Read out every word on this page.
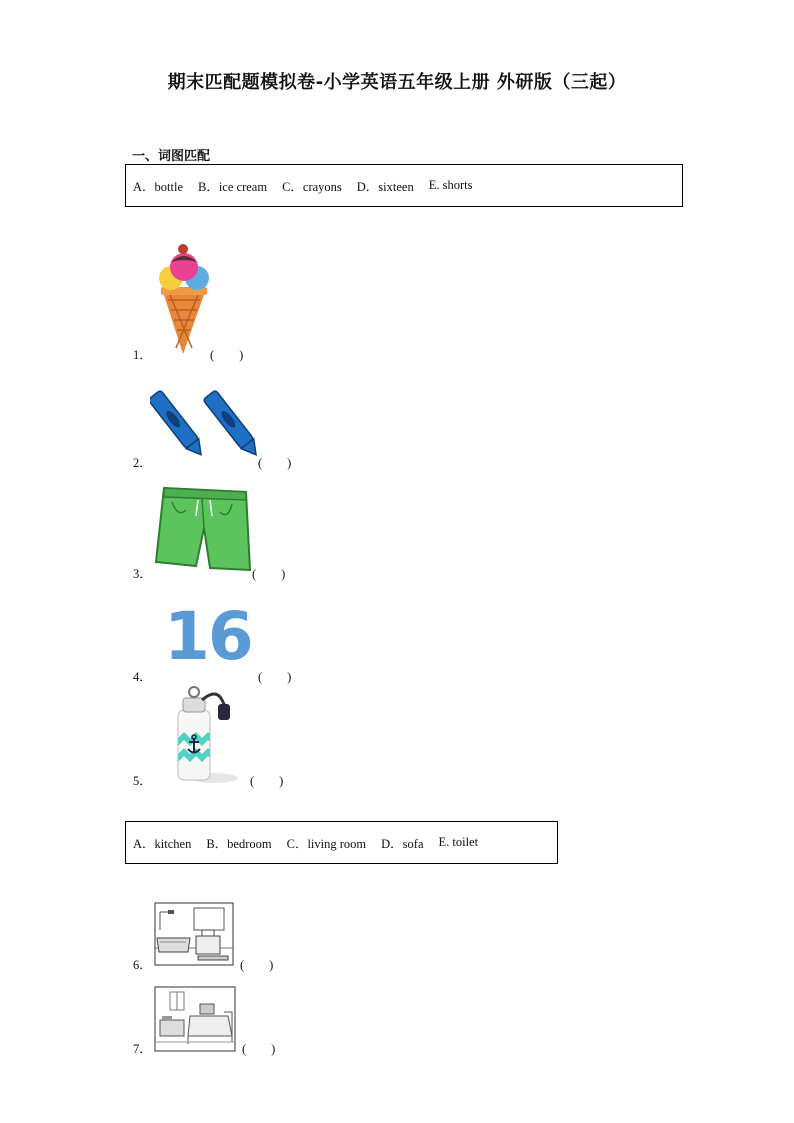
期末匹配题模拟卷-小学英语五年级上册 外研版（三起）
一、词图匹配
A．bottle B．ice cream C．crayons D．sixteen E. shorts
1．	(　　)
2．	(　　)
3．	(　　)
16
4．	(　　)
5．	(　　)
A．kitchen B．bedroom C．living room D．sofa E. toilet
6．	(　　)
7．	(　　)
